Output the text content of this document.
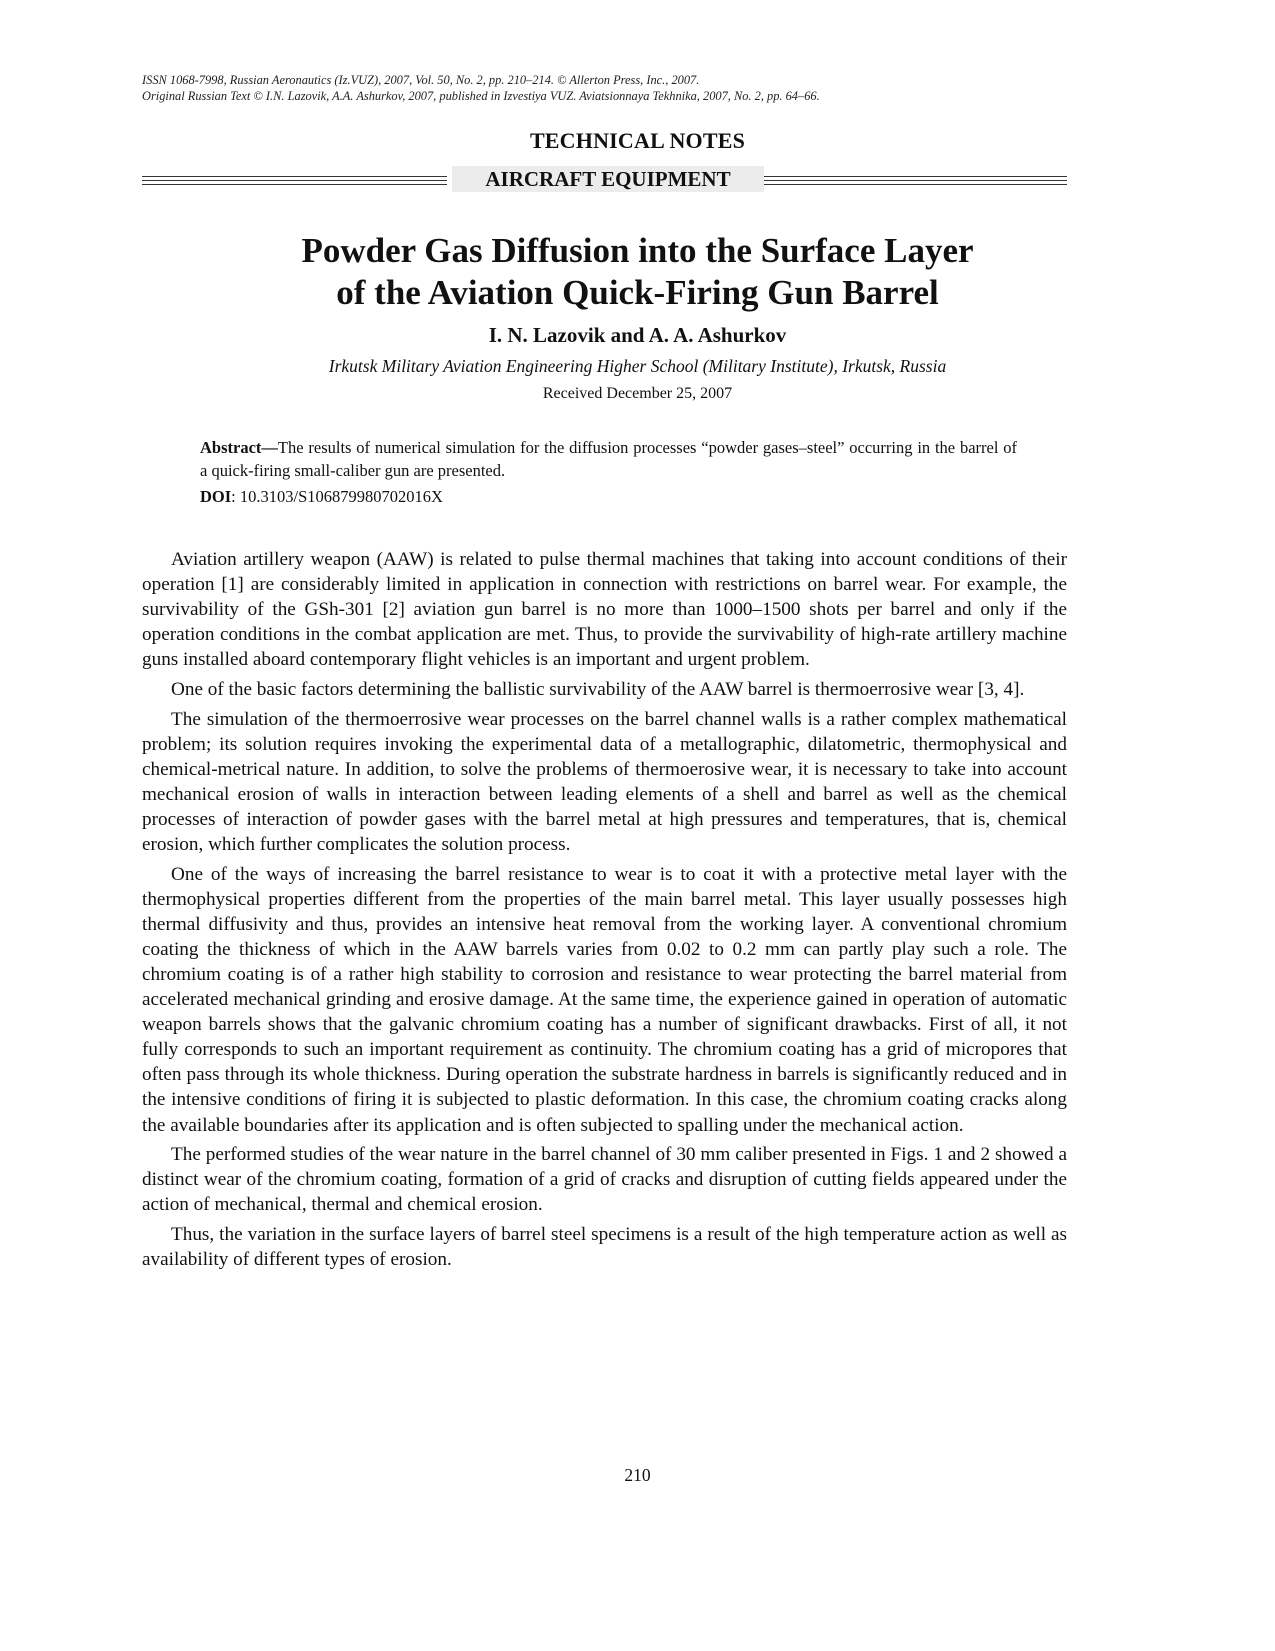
ISSN 1068-7998, Russian Aeronautics (Iz.VUZ), 2007, Vol. 50, No. 2, pp. 210–214. © Allerton Press, Inc., 2007.
Original Russian Text © I.N. Lazovik, A.A. Ashurkov, 2007, published in Izvestiya VUZ. Aviatsionnaya Tekhnika, 2007, No. 2, pp. 64–66.
TECHNICAL NOTES
AIRCRAFT EQUIPMENT
Powder Gas Diffusion into the Surface Layer
of the Aviation Quick-Firing Gun Barrel
I. N. Lazovik and A. A. Ashurkov
Irkutsk Military Aviation Engineering Higher School (Military Institute), Irkutsk, Russia
Received December 25, 2007
Abstract—The results of numerical simulation for the diffusion processes “powder gases–steel” occurring in the barrel of a quick-firing small-caliber gun are presented.
DOI: 10.3103/S106879980702016X

Aviation artillery weapon (AAW) is related to pulse thermal machines that taking into account conditions of their operation [1] are considerably limited in application in connection with restrictions on barrel wear. For example, the survivability of the GSh-301 [2] aviation gun barrel is no more than 1000–1500 shots per barrel and only if the operation conditions in the combat application are met. Thus, to provide the survivability of high-rate artillery machine guns installed aboard contemporary flight vehicles is an important and urgent problem.

One of the basic factors determining the ballistic survivability of the AAW barrel is thermoerrosive wear [3, 4].

The simulation of the thermoerrosive wear processes on the barrel channel walls is a rather complex mathematical problem; its solution requires invoking the experimental data of a metallographic, dilatometric, thermophysical and chemical-metrical nature. In addition, to solve the problems of thermoerosive wear, it is necessary to take into account mechanical erosion of walls in interaction between leading elements of a shell and barrel as well as the chemical processes of interaction of powder gases with the barrel metal at high pressures and temperatures, that is, chemical erosion, which further complicates the solution process.

One of the ways of increasing the barrel resistance to wear is to coat it with a protective metal layer with the thermophysical properties different from the properties of the main barrel metal. This layer usually possesses high thermal diffusivity and thus, provides an intensive heat removal from the working layer. A conventional chromium coating the thickness of which in the AAW barrels varies from 0.02 to 0.2 mm can partly play such a role. The chromium coating is of a rather high stability to corrosion and resistance to wear protecting the barrel material from accelerated mechanical grinding and erosive damage. At the same time, the experience gained in operation of automatic weapon barrels shows that the galvanic chromium coating has a number of significant drawbacks. First of all, it not fully corresponds to such an important requirement as continuity. The chromium coating has a grid of micropores that often pass through its whole thickness. During operation the substrate hardness in barrels is significantly reduced and in the intensive conditions of firing it is subjected to plastic deformation. In this case, the chromium coating cracks along the available boundaries after its application and is often subjected to spalling under the mechanical action.

The performed studies of the wear nature in the barrel channel of 30 mm caliber presented in Figs. 1 and 2 showed a distinct wear of the chromium coating, formation of a grid of cracks and disruption of cutting fields appeared under the action of mechanical, thermal and chemical erosion.

Thus, the variation in the surface layers of barrel steel specimens is a result of the high temperature action as well as availability of different types of erosion.

210
